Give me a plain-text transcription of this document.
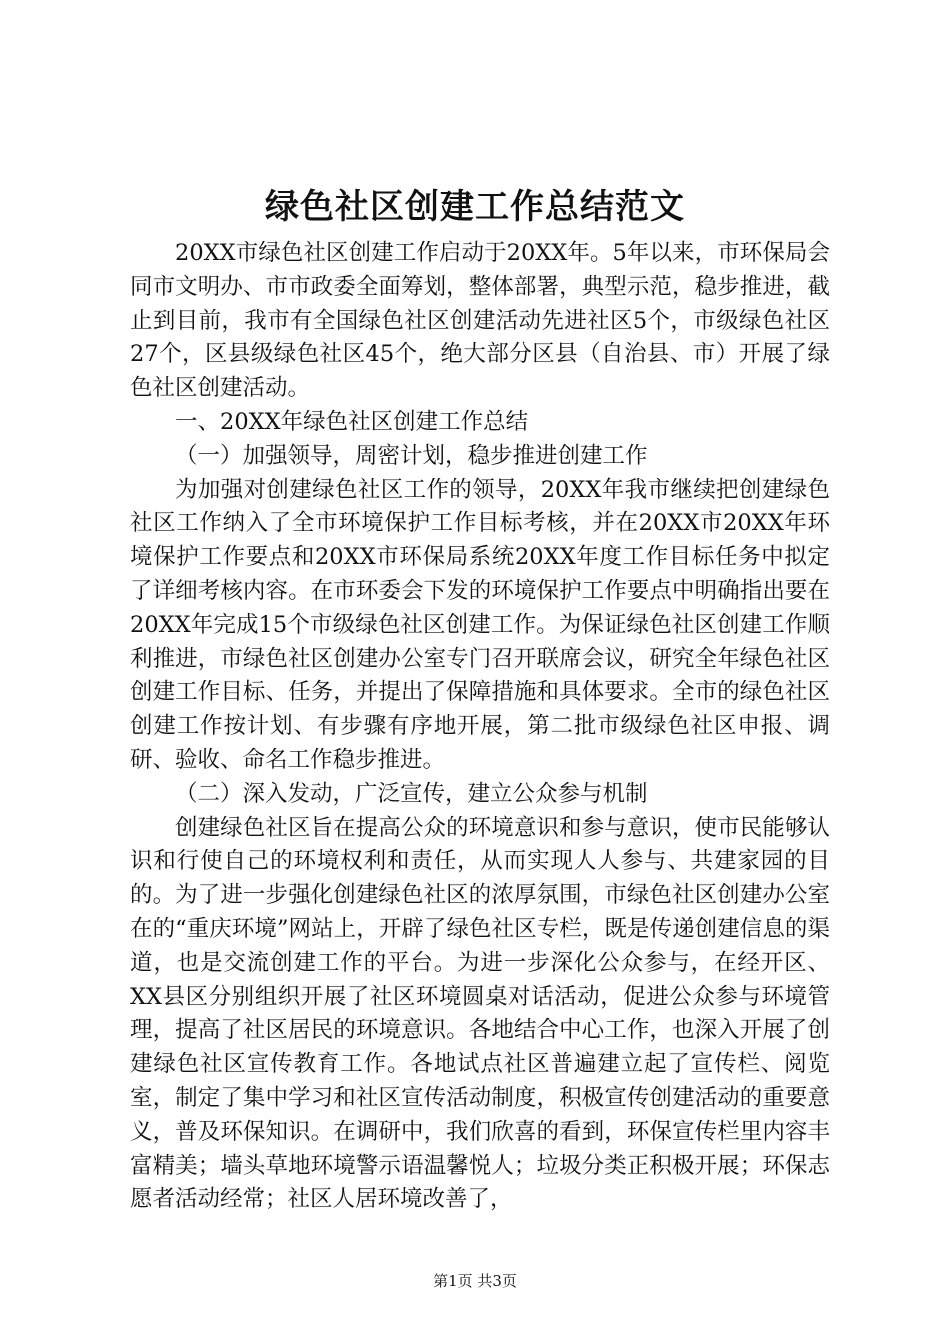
绿色社区创建工作总结范文

20XX市绿色社区创建工作启动于20XX年。5年以来，市环保局会同市文明办、市市政委全面筹划，整体部署，典型示范，稳步推进，截止到目前，我市有全国绿色社区创建活动先进社区5个，市级绿色社区27个，区县级绿色社区45个，绝大部分区县（自治县、市）开展了绿色社区创建活动。

一、20XX年绿色社区创建工作总结

（一）加强领导，周密计划，稳步推进创建工作

为加强对创建绿色社区工作的领导，20XX年我市继续把创建绿色社区工作纳入了全市环境保护工作目标考核，并在20XX市20XX年环境保护工作要点和20XX市环保局系统20XX年度工作目标任务中拟定了详细考核内容。在市环委会下发的环境保护工作要点中明确指出要在20XX年完成15个市级绿色社区创建工作。为保证绿色社区创建工作顺利推进，市绿色社区创建办公室专门召开联席会议，研究全年绿色社区创建工作目标、任务，并提出了保障措施和具体要求。全市的绿色社区创建工作按计划、有步骤有序地开展，第二批市级绿色社区申报、调研、验收、命名工作稳步推进。

（二）深入发动，广泛宣传，建立公众参与机制

创建绿色社区旨在提高公众的环境意识和参与意识，使市民能够认识和行使自己的环境权利和责任，从而实现人人参与、共建家园的目的。为了进一步强化创建绿色社区的浓厚氛围，市绿色社区创建办公室在的“重庆环境”网站上，开辟了绿色社区专栏，既是传递创建信息的渠道，也是交流创建工作的平台。为进一步深化公众参与，在经开区、XX县区分别组织开展了社区环境圆桌对话活动，促进公众参与环境管理，提高了社区居民的环境意识。各地结合中心工作，也深入开展了创建绿色社区宣传教育工作。各地试点社区普遍建立起了宣传栏、阅览室，制定了集中学习和社区宣传活动制度，积极宣传创建活动的重要意义，普及环保知识。在调研中，我们欣喜的看到，环保宣传栏里内容丰富精美；墙头草地环境警示语温馨悦人；垃圾分类正积极开展；环保志愿者活动经常；社区人居环境改善了，

第1页 共3页
